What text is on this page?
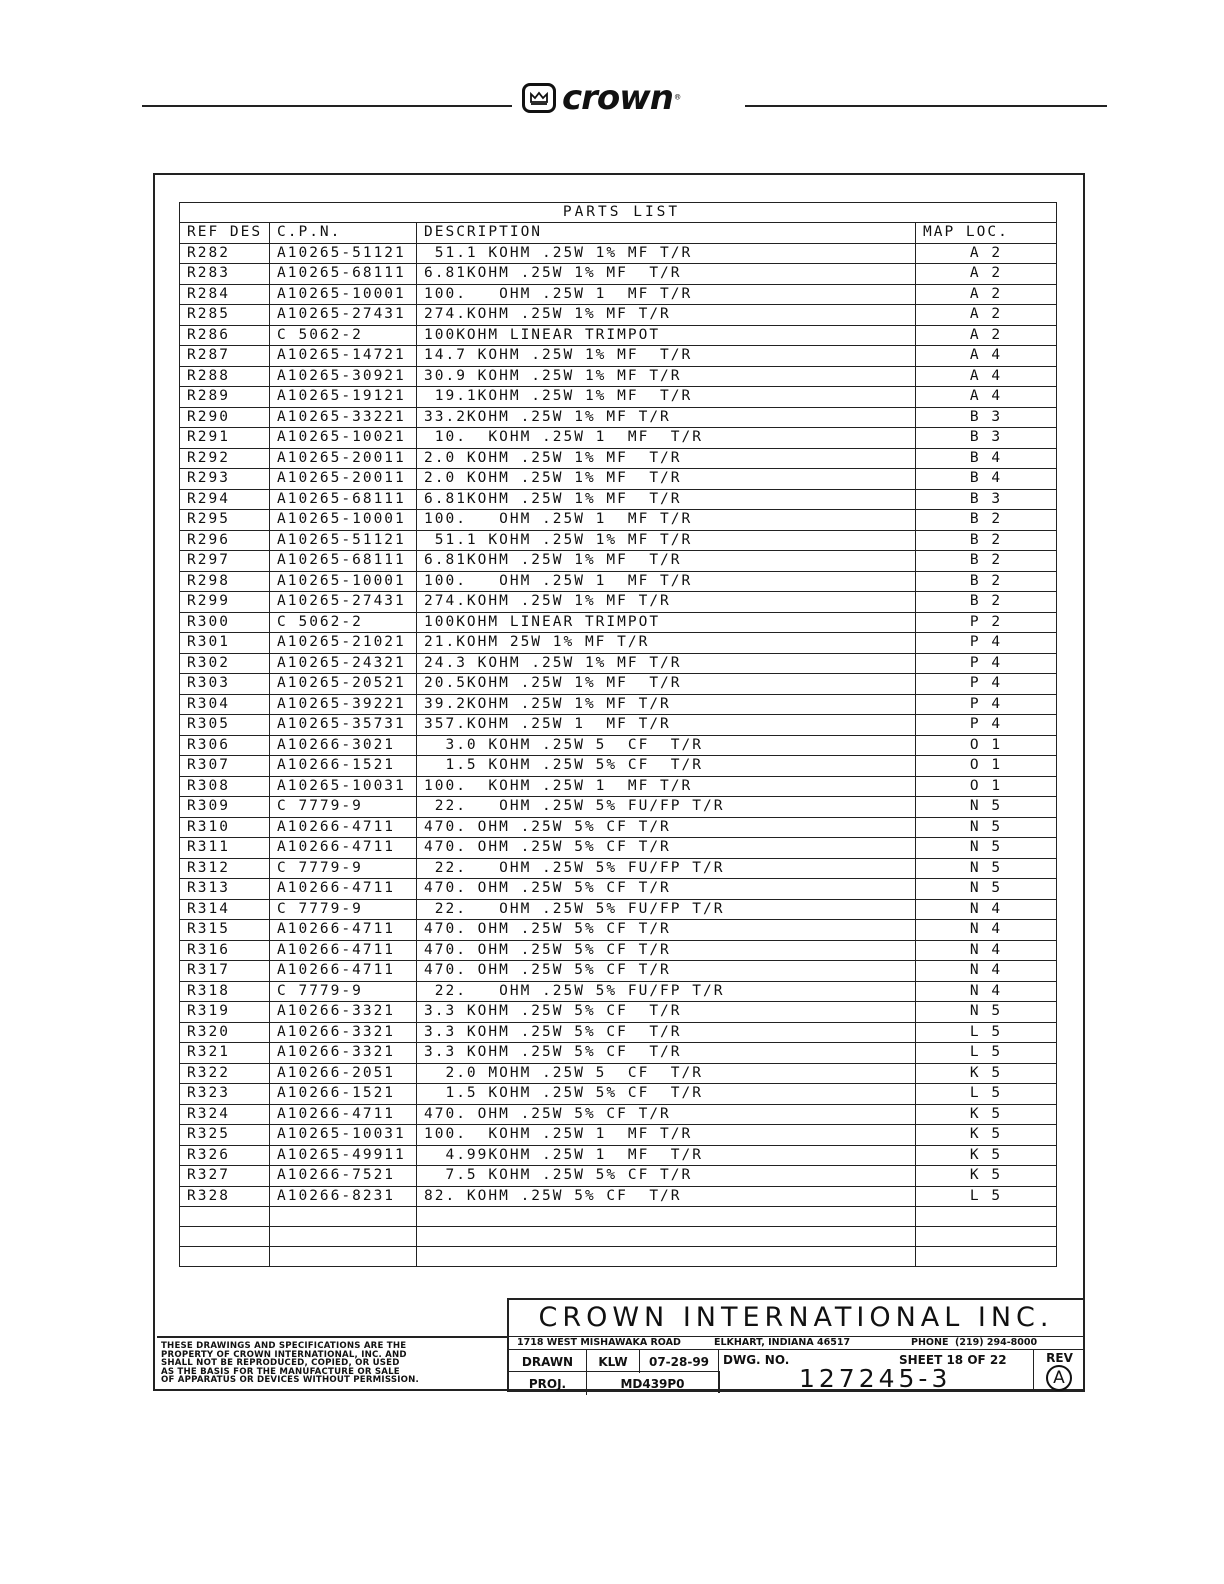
crown ®
PARTS LIST			
REF DES	C.P.N.	DESCRIPTION	MAP LOC.
R282	A10265-51121	51.1 KOHM .25W 1% MF T/R	A 2
R283	A10265-68111	6.81KOHM .25W 1% MF  T/R	A 2
R284	A10265-10001	100.   OHM .25W 1  MF T/R	A 2
R285	A10265-27431	274.KOHM .25W 1% MF T/R	A 2
R286	C 5062-2	100KOHM LINEAR TRIMPOT	A 2
R287	A10265-14721	14.7 KOHM .25W 1% MF  T/R	A 4
R288	A10265-30921	30.9 KOHM .25W 1% MF T/R	A 4
R289	A10265-19121	19.1KOHM .25W 1% MF  T/R	A 4
R290	A10265-33221	33.2KOHM .25W 1% MF T/R	B 3
R291	A10265-10021	10.  KOHM .25W 1  MF  T/R	B 3
R292	A10265-20011	2.0 KOHM .25W 1% MF  T/R	B 4
R293	A10265-20011	2.0 KOHM .25W 1% MF  T/R	B 4
R294	A10265-68111	6.81KOHM .25W 1% MF  T/R	B 3
R295	A10265-10001	100.   OHM .25W 1  MF T/R	B 2
R296	A10265-51121	51.1 KOHM .25W 1% MF T/R	B 2
R297	A10265-68111	6.81KOHM .25W 1% MF  T/R	B 2
R298	A10265-10001	100.   OHM .25W 1  MF T/R	B 2
R299	A10265-27431	274.KOHM .25W 1% MF T/R	B 2
R300	C 5062-2	100KOHM LINEAR TRIMPOT	P 2
R301	A10265-21021	21.KOHM 25W 1% MF T/R	P 4
R302	A10265-24321	24.3 KOHM .25W 1% MF T/R	P 4
R303	A10265-20521	20.5KOHM .25W 1% MF  T/R	P 4
R304	A10265-39221	39.2KOHM .25W 1% MF T/R	P 4
R305	A10265-35731	357.KOHM .25W 1  MF T/R	P 4
R306	A10266-3021	3.0 KOHM .25W 5  CF  T/R	O 1
R307	A10266-1521	1.5 KOHM .25W 5% CF  T/R	O 1
R308	A10265-10031	100.  KOHM .25W 1  MF T/R	O 1
R309	C 7779-9	22.   OHM .25W 5% FU/FP T/R	N 5
R310	A10266-4711	470. OHM .25W 5% CF T/R	N 5
R311	A10266-4711	470. OHM .25W 5% CF T/R	N 5
R312	C 7779-9	22.   OHM .25W 5% FU/FP T/R	N 5
R313	A10266-4711	470. OHM .25W 5% CF T/R	N 5
R314	C 7779-9	22.   OHM .25W 5% FU/FP T/R	N 4
R315	A10266-4711	470. OHM .25W 5% CF T/R	N 4
R316	A10266-4711	470. OHM .25W 5% CF T/R	N 4
R317	A10266-4711	470. OHM .25W 5% CF T/R	N 4
R318	C 7779-9	22.   OHM .25W 5% FU/FP T/R	N 4
R319	A10266-3321	3.3 KOHM .25W 5% CF  T/R	N 5
R320	A10266-3321	3.3 KOHM .25W 5% CF  T/R	L 5
R321	A10266-3321	3.3 KOHM .25W 5% CF  T/R	L 5
R322	A10266-2051	2.0 MOHM .25W 5  CF  T/R	K 5
R323	A10266-1521	1.5 KOHM .25W 5% CF  T/R	L 5
R324	A10266-4711	470. OHM .25W 5% CF T/R	K 5
R325	A10265-10031	100.  KOHM .25W 1  MF T/R	K 5
R326	A10265-49911	4.99KOHM .25W 1  MF  T/R	K 5
R327	A10266-7521	7.5 KOHM .25W 5% CF T/R	K 5
R328	A10266-8231	82. KOHM .25W 5% CF  T/R	L 5

THESE DRAWINGS AND SPECIFICATIONS ARE THE
PROPERTY OF CROWN INTERNATIONAL, INC. AND
SHALL NOT BE REPRODUCED, COPIED, OR USED
AS THE BASIS FOR THE MANUFACTURE OR SALE
OF APPARATUS OR DEVICES WITHOUT PERMISSION.
CROWN INTERNATIONAL INC.
1718 WEST MISHAWAKA ROAD	ELKHART, INDIANA 46517	PHONE  (219) 294-8000
DRAWN	KLW	07-28-99	DWG. NO.	SHEET 18 OF 22
PROJ.	MD439P0	127245-3
REV
A
